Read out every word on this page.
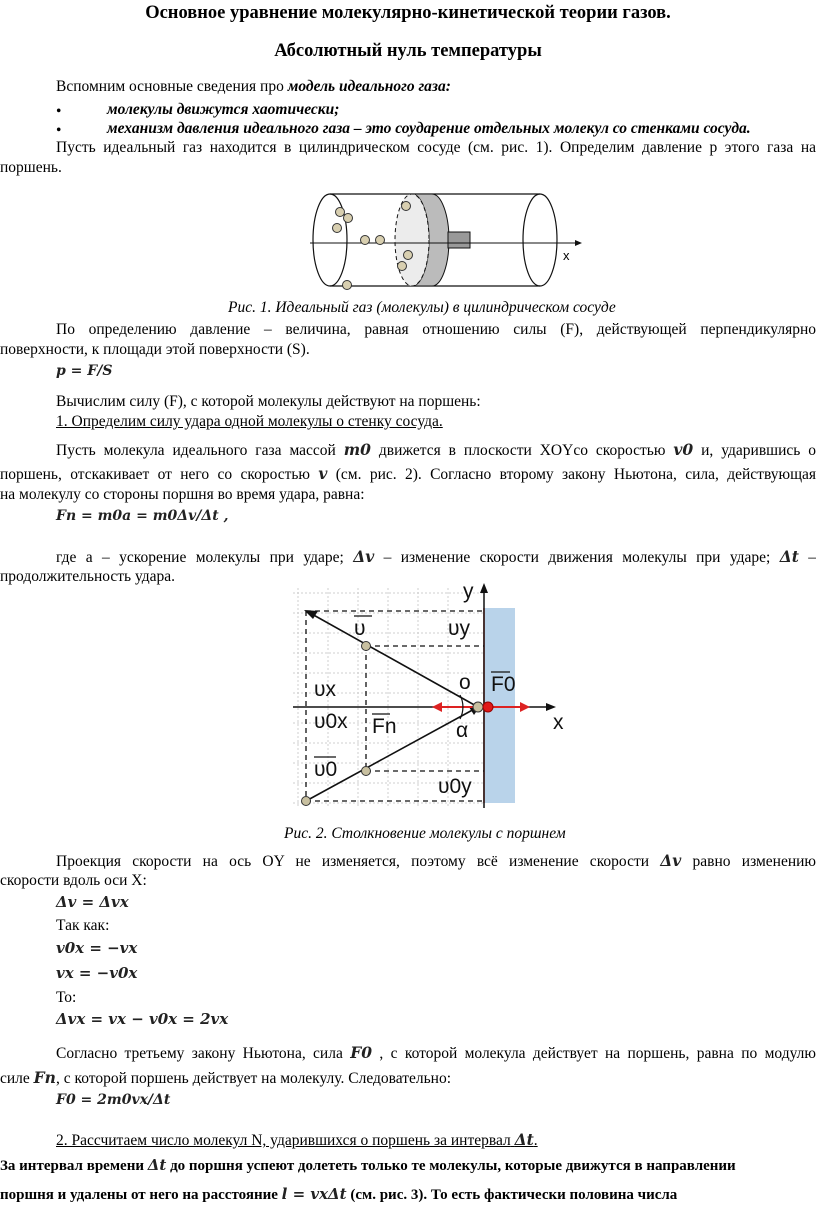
Основное уравнение молекулярно-кинетической теории газов.
Абсолютный нуль температуры
Вспомним основные сведения про модель идеального газа:
•	молекулы движутся хаотически;
•	механизм давления идеального газа – это соударение отдельных молекул со стенками сосуда.
Пусть идеальный газ находится в цилиндрическом сосуде (см. рис. 1). Определим давление p этого газа на
поршень.
x
Рис. 1. Идеальный газ (молекулы) в цилиндрическом сосуде
По определению давление – величина, равная отношению силы (F), действующей перпендикулярно
поверхности, к площади этой поверхности (S).
p = F/S
Вычислим силу (F), с которой молекулы действуют на поршень:
1. Определим силу удара одной молекулы о стенку сосуда.
Пусть молекула идеального газа массой m0 движется в плоскости XOYсо скоростью v0 и, ударившись о
поршень, отскакивает от него со скоростью v (см. рис. 2). Согласно второму закону Ньютона, сила, действующая
на молекулу со стороны поршня во время удара, равна:
Fn = m0a = m0Δv/Δt ,
где a – ускорение молекулы при ударе; Δv – изменение скорости движения молекулы при ударе; Δt –
продолжительность удара.
y
x
υ	υy
o F0
υx
υ0x Fn	α
υ0
υ0y
Рис. 2. Столкновение молекулы с поршнем
Проекция скорости на ось OY не изменяется, поэтому всё изменение скорости Δv равно изменению
скорости вдоль оси X:
Δv = Δvx
Так как:
v0x = −vx
vx = −v0x
То:
Δvx = vx − v0x = 2vx
Согласно третьему закону Ньютона, сила F0 , с которой молекула действует на поршень, равна по модулю
силе Fn, с которой поршень действует на молекулу. Следовательно:
F0 = 2m0vx/Δt
2. Рассчитаем число молекул N, ударившихся о поршень за интервал Δt.
За интервал времени Δt до поршня успеют долететь только те молекулы, которые движутся в направлении
поршня и удалены от него на расстояние l = vxΔt (см. рис. 3). То есть фактически половина числа
